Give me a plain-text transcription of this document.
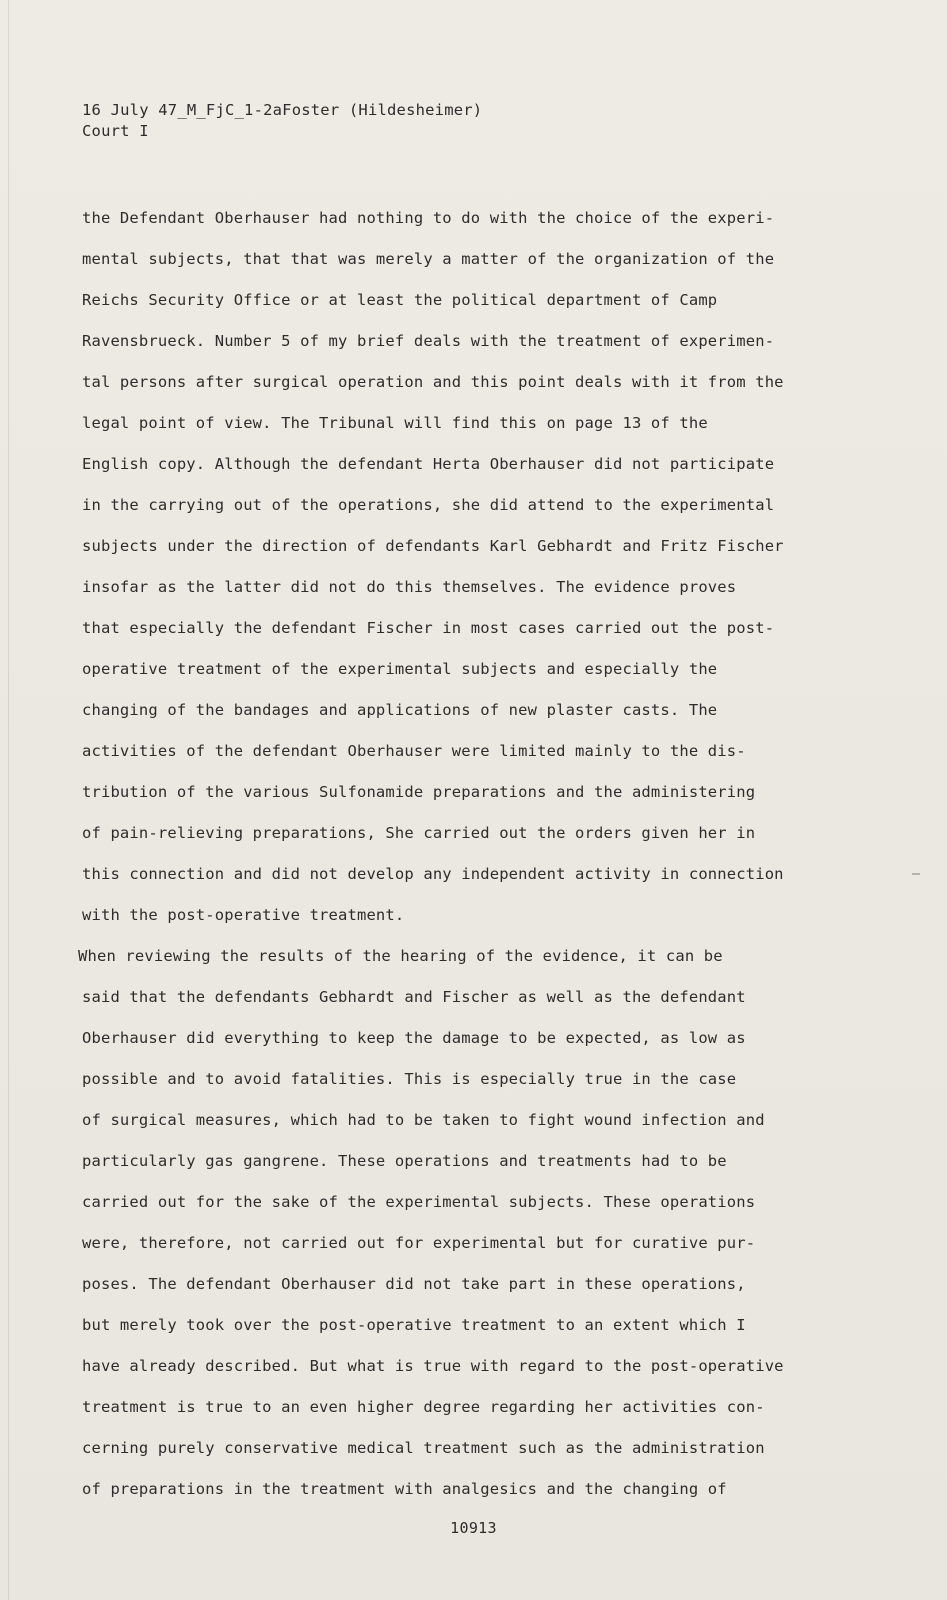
16 July 47_M_FjC_1-2aFoster (Hildesheimer)
Court I
the Defendant Oberhauser had nothing to do with the choice of the experi-
mental subjects, that that was merely a matter of the organization of the
Reichs Security Office or at least the political department of Camp
Ravensbrueck. Number 5 of my brief deals with the treatment of experimen-
tal persons after surgical operation and this point deals with it from the
legal point of view. The Tribunal will find this on page 13 of the
English copy. Although the defendant Herta Oberhauser did not participate
in the carrying out of the operations, she did attend to the experimental
subjects under the direction of defendants Karl Gebhardt and Fritz Fischer
insofar as the latter did not do this themselves. The evidence proves
that especially the defendant Fischer in most cases carried out the post-
operative treatment of the experimental subjects and especially the
changing of the bandages and applications of new plaster casts. The
activities of the defendant Oberhauser were limited mainly to the dis-
tribution of the various Sulfonamide preparations and the administering
of pain-relieving preparations, She carried out the orders given her in
this connection and did not develop any independent activity in connection
with the post-operative treatment.
When reviewing the results of the hearing of the evidence, it can be
said that the defendants Gebhardt and Fischer as well as the defendant
Oberhauser did everything to keep the damage to be expected, as low as
possible and to avoid fatalities. This is especially true in the case
of surgical measures, which had to be taken to fight wound infection and
particularly gas gangrene. These operations and treatments had to be
carried out for the sake of the experimental subjects. These operations
were, therefore, not carried out for experimental but for curative pur-
poses. The defendant Oberhauser did not take part in these operations,
but merely took over the post-operative treatment to an extent which I
have already described. But what is true with regard to the post-operative
treatment is true to an even higher degree regarding her activities con-
cerning purely conservative medical treatment such as the administration
of preparations in the treatment with analgesics and the changing of
10913
